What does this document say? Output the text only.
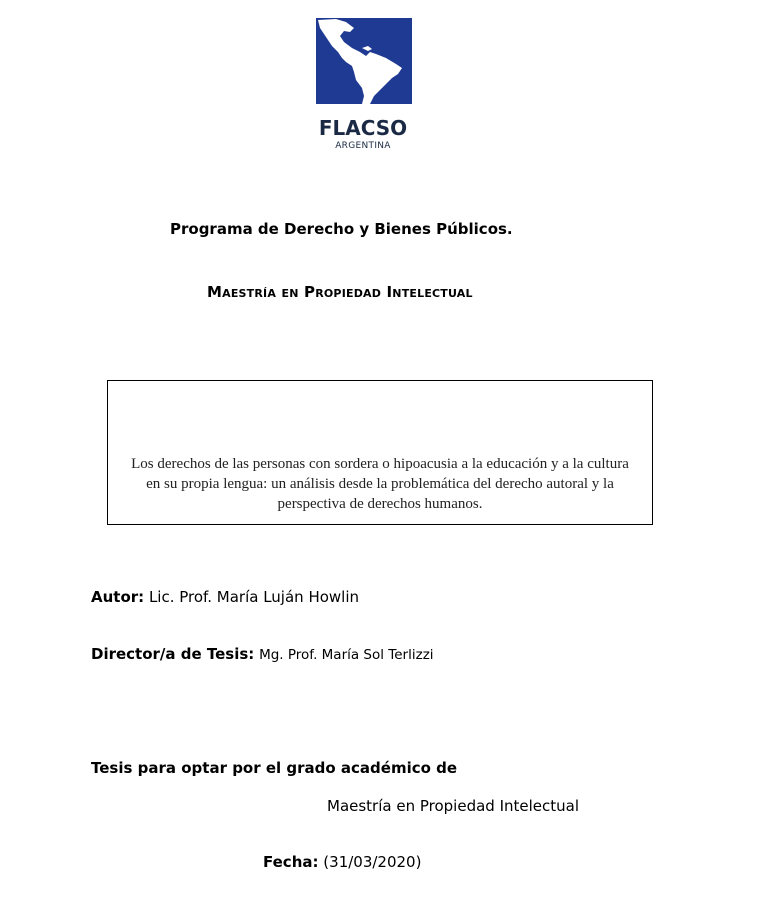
FLACSO
ARGENTINA
Programa de Derecho y Bienes Públicos.
Maestría en Propiedad Intelectual
Los derechos de las personas con sordera o hipoacusia a la educación y a la cultura en su propia lengua: un análisis desde la problemática del derecho autoral y la perspectiva de derechos humanos.
Autor: Lic. Prof. María Luján Howlin
Director/a de Tesis: Mg. Prof. María Sol Terlizzi
Tesis para optar por el grado académico de
Maestría en Propiedad Intelectual
Fecha: (31/03/2020)
